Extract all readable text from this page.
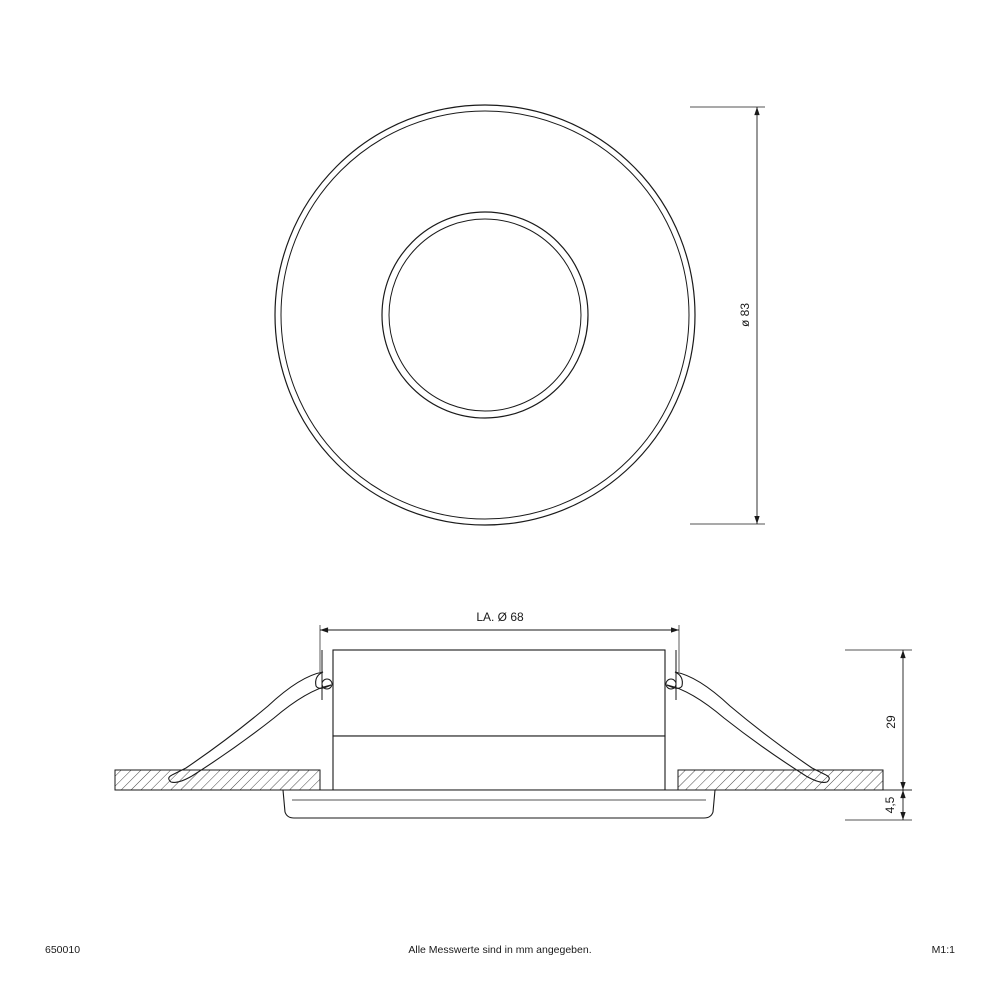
ø 83
LA. Ø 68
29
4,5
650010	Alle Messwerte sind in mm angegeben.	M1:1
